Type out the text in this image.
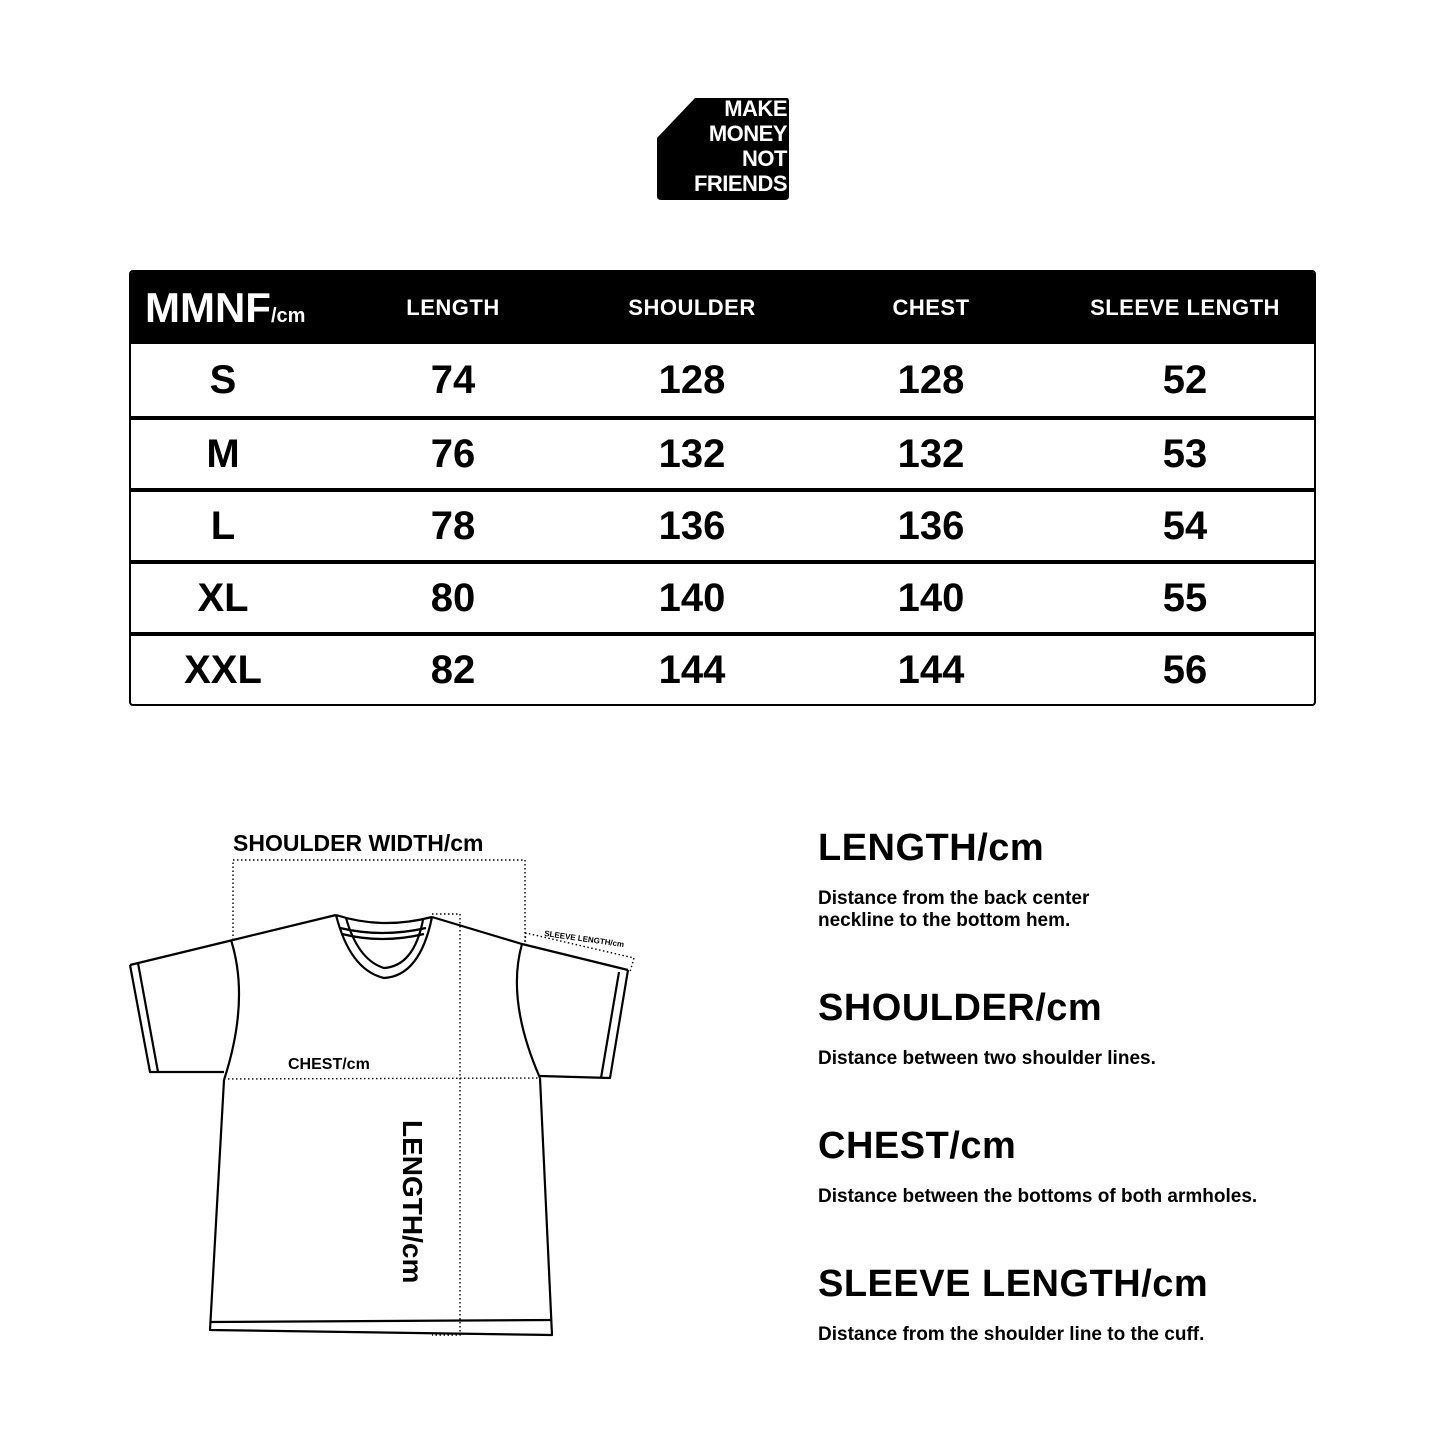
MAKE
MONEY
NOT
FRIENDS
MMNF/cm	LENGTH	SHOULDER	CHEST	SLEEVE LENGTH
S	74	128	128	52
M	76	132	132	53
L	78	136	136	54
XL	80	140	140	55
XXL	82	144	144	56
SHOULDER WIDTH/cm
CHEST/cm
SLEEVE LENGTH/cm
LENGTH/cm
LENGTH/cm

Distance from the back center neckline to the bottom hem.

SHOULDER/cm

Distance between two shoulder lines.

CHEST/cm

Distance between the bottoms of both armholes.

SLEEVE LENGTH/cm

Distance from the shoulder line to the cuff.
